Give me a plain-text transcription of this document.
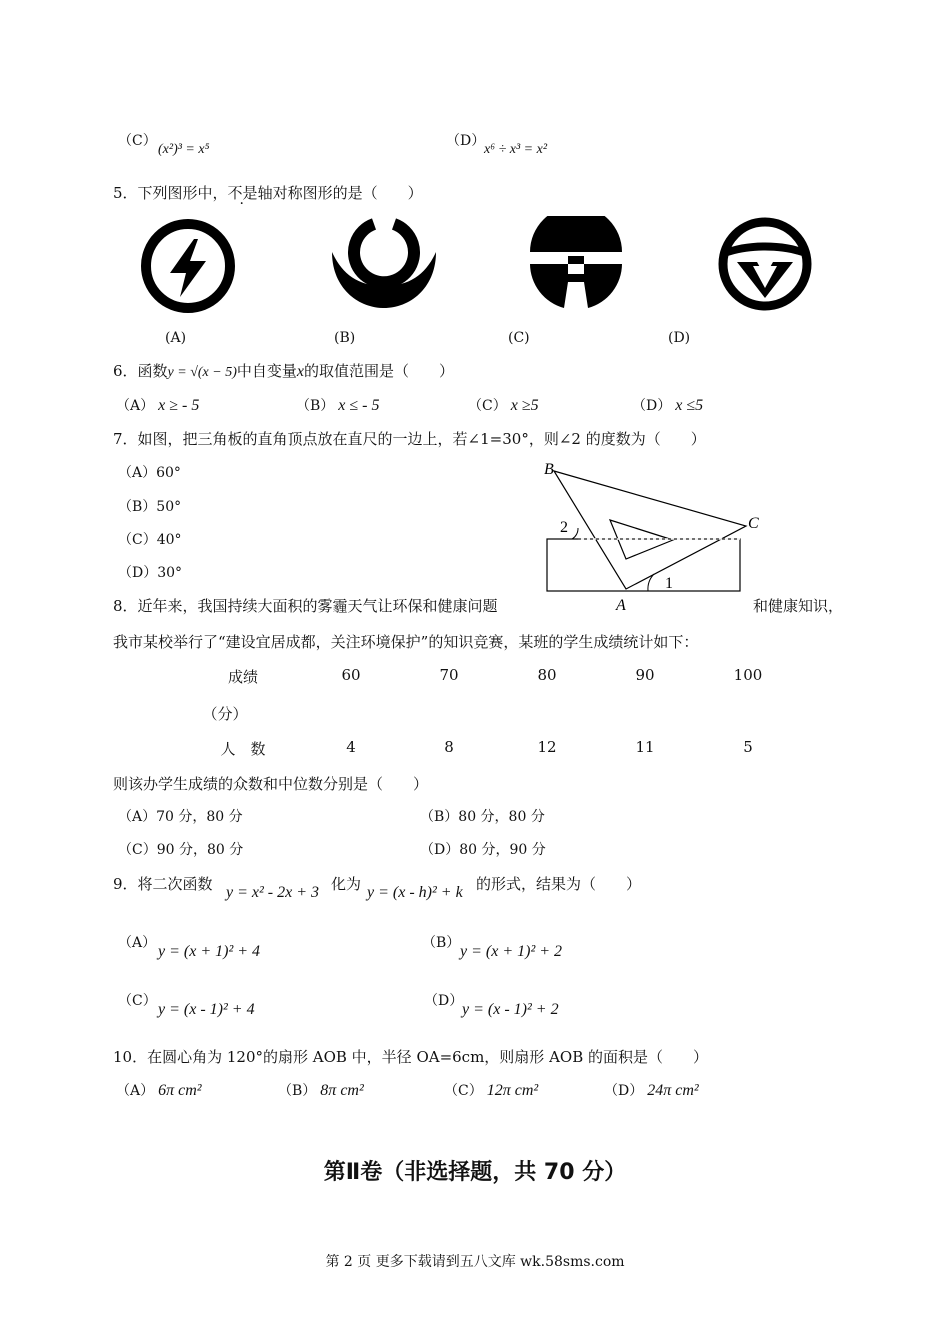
（C）
(x²)³ = x⁵
（D）
x⁶ ÷ x³ = x²
5．下列图形中，不是轴对称图形的是（　　）
(A)	(B)	(C)	(D)
6．函数y = √(x − 5)中自变量x的取值范围是（　　）
（A） x ≥ - 5	（B） x ≤ - 5	（C） x ≥5	（D） x ≤5
7．如图，把三角板的直角顶点放在直尺的一边上，若∠1=30°，则∠2 的度数为（　　）
（A）60°
（B）50°
（C）40°
（D）30°
B
C
A
1
2
8．近年来，我国持续大面积的雾霾天气让环保和健康问题	和健康知识，
我市某校举行了“建设宜居成都，关注环境保护”的知识竞赛，某班的学生成绩统计如下：
成绩
（分）
60	70	80	90	100
人　数	4	8	12	11	5
则该办学生成绩的众数和中位数分别是（　　）
（A）70 分，80 分	（B）80 分，80 分
（C）90 分，80 分	（D）80 分，90 分
9．将二次函数 y = x² - 2x + 3 化为 y = (x - h)² + k 的形式，结果为（　　）
（A） y = (x + 1)² + 4	（B） y = (x + 1)² + 2
（C） y = (x - 1)² + 4	（D）
y = (x - 1)² + 2
10．在圆心角为 120°的扇形 AOB 中，半径 OA=6cm，则扇形 AOB 的面积是（　　）
（A） 6π cm²	（B） 8π cm²	（C） 12π cm²	（D） 24π cm²
第Ⅱ卷（非选择题，共 70 分）
第 2 页 更多下载请到五八文库 wk.58sms.com
